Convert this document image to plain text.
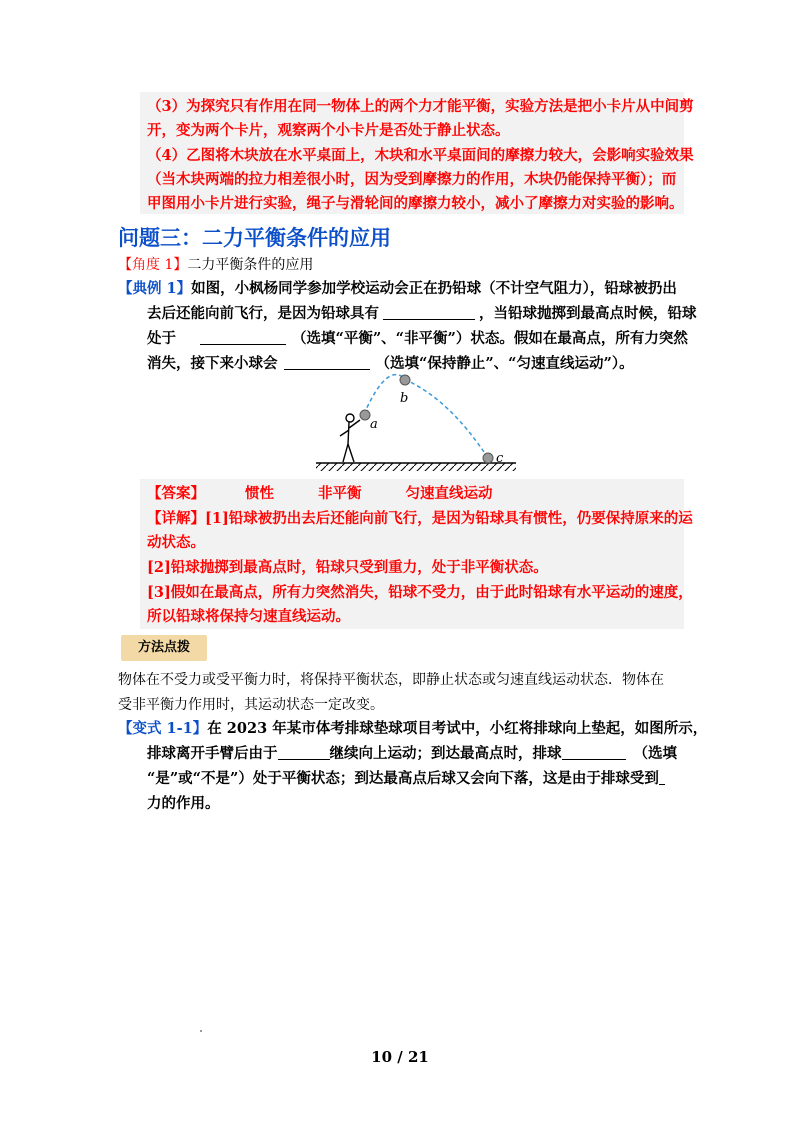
（3）为探究只有作用在同一物体上的两个力才能平衡，实验方法是把小卡片从中间剪
开，变为两个卡片，观察两个小卡片是否处于静止状态。
（4）乙图将木块放在水平桌面上，木块和水平桌面间的摩擦力较大，会影响实验效果
（当木块两端的拉力相差很小时，因为受到摩擦力的作用，木块仍能保持平衡）；而
甲图用小卡片进行实验，绳子与滑轮间的摩擦力较小，减小了摩擦力对实验的影响。
问题三：二力平衡条件的应用
【角度 1】二力平衡条件的应用
【典例 1】如图，小枫杨同学参加学校运动会正在扔铅球（不计空气阻力），铅球被扔出
去后还能向前飞行，是因为铅球具有	，当铅球抛掷到最高点时候，铅球
处于	（选填“平衡”、“非平衡”）状态。假如在最高点，所有力突然
消失，接下来小球会	（选填“保持静止”、“匀速直线运动”）。
a
b
c
【答案】	惯性	非平衡	匀速直线运动
【详解】[1]铅球被扔出去后还能向前飞行，是因为铅球具有惯性，仍要保持原来的运
动状态。
[2]铅球抛掷到最高点时，铅球只受到重力，处于非平衡状态。
[3]假如在最高点，所有力突然消失，铅球不受力，由于此时铅球有水平运动的速度，
所以铅球将保持匀速直线运动。
方法点拨
物体在不受力或受平衡力时，将保持平衡状态，即静止状态或匀速直线运动状态．物体在
受非平衡力作用时，其运动状态一定改变。
【变式 1-1】在 2023 年某市体考排球垫球项目考试中，小红将排球向上垫起，如图所示，
排球离开手臂后由于	继续向上运动；到达最高点时，排球	（选填
“是”或“不是”）处于平衡状态；到达最高点后球又会向下落，这是由于排球受到
力的作用。
10 / 21
